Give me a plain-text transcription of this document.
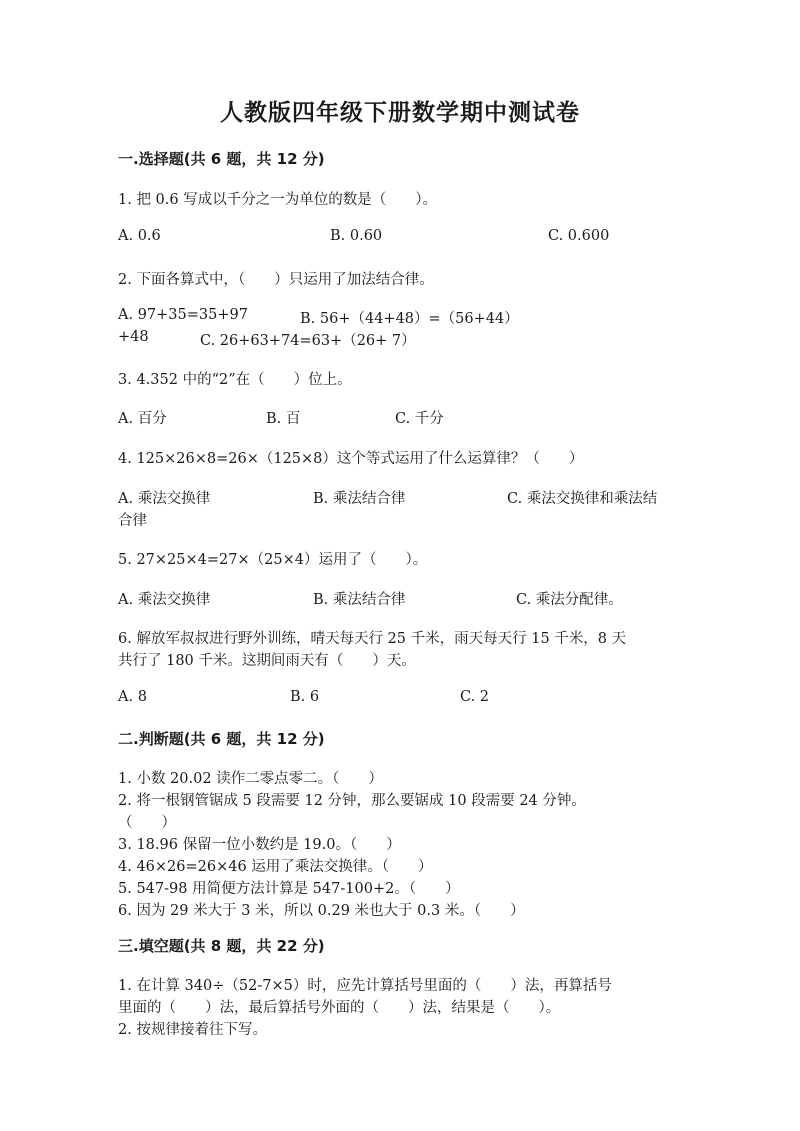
人教版四年级下册数学期中测试卷
一.选择题(共 6 题，共 12 分)
1. 把 0.6 写成以千分之一为单位的数是（　　）。
A. 0.6	B. 0.60	C. 0.600
2. 下面各算式中，（　　）只运用了加法结合律。
A. 97+35=35+97	B. 56+（44+48）=（56+44）
+48	C. 26+63+74=63+（26+ 7）
3. 4.352 中的“2”在（　　）位上。
A. 百分	B. 百	C. 千分
4. 125×26×8=26×（125×8）这个等式运用了什么运算律？（　　）
A. 乘法交换律	B. 乘法结合律	C. 乘法交换律和乘法结
合律
5. 27×25×4=27×（25×4）运用了（　　）。
A. 乘法交换律	B. 乘法结合律	C. 乘法分配律。
6. 解放军叔叔进行野外训练，晴天每天行 25 千米，雨天每天行 15 千米，8 天
共行了 180 千米。这期间雨天有（　　）天。
A. 8	B. 6	C. 2
二.判断题(共 6 题，共 12 分)
1. 小数 20.02 读作二零点零二。（　　）
2. 将一根钢管锯成 5 段需要 12 分钟，那么要锯成 10 段需要 24 分钟。
（　　）
3. 18.96 保留一位小数约是 19.0。（　　）
4. 46×26=26×46 运用了乘法交换律。（　　）
5. 547-98 用简便方法计算是 547-100+2。（　　）
6. 因为 29 米大于 3 米，所以 0.29 米也大于 0.3 米。（　　）
三.填空题(共 8 题，共 22 分)
1. 在计算 340÷（52-7×5）时，应先计算括号里面的（　　）法，再算括号
里面的（　　）法，最后算括号外面的（　　）法，结果是（　　）。
2. 按规律接着往下写。
